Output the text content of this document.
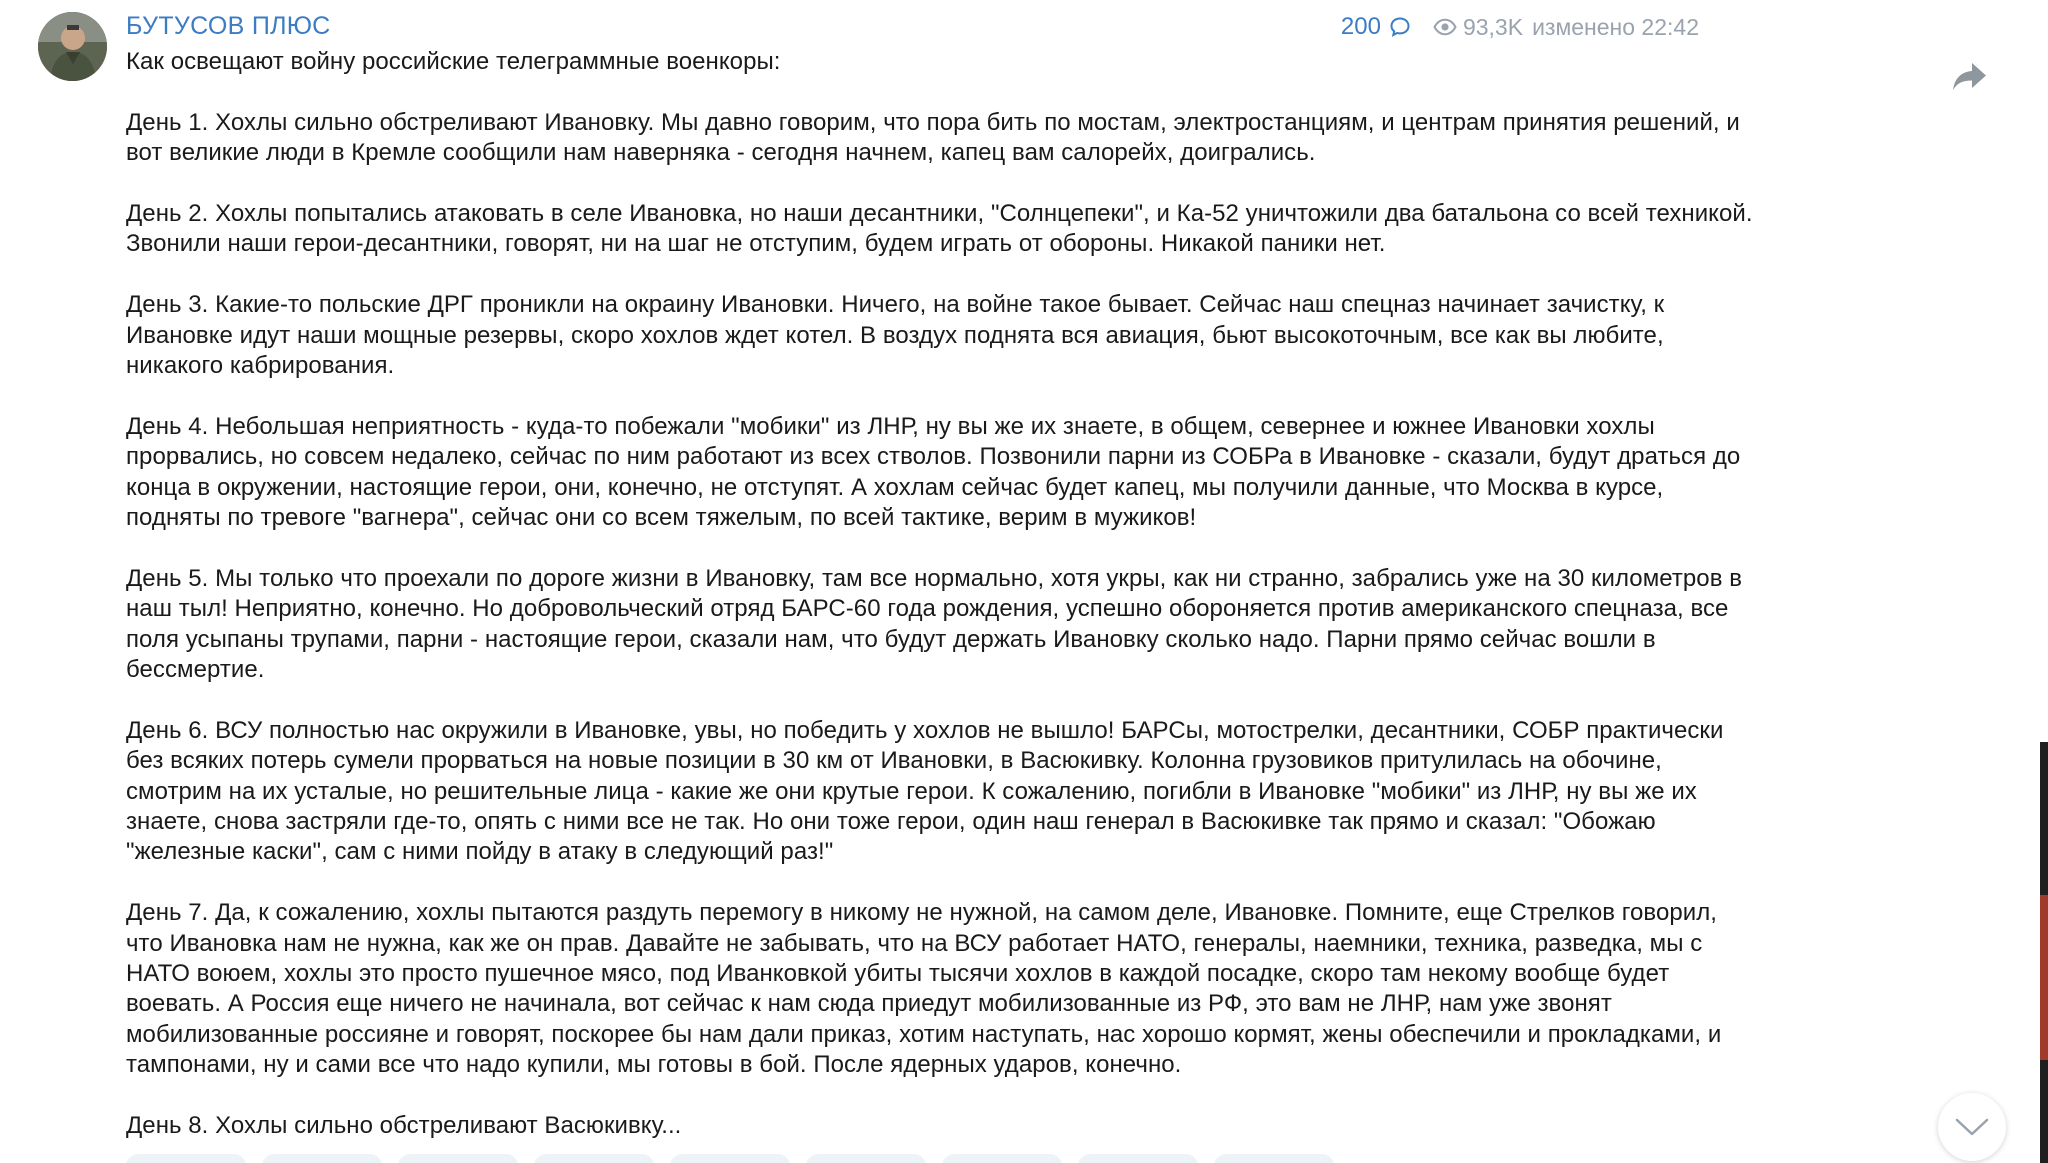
БУТУСОВ ПЛЮС	200	93,3K изменено 22:42

Как освещают войну российские телеграммные военкоры:

День 1. Хохлы сильно обстреливают Ивановку. Мы давно говорим, что пора бить по мостам, электростанциям, и центрам принятия решений, и
вот великие люди в Кремле сообщили нам наверняка - сегодня начнем, капец вам салорейх, доигрались.

День 2. Хохлы попытались атаковать в селе Ивановка, но наши десантники, "Солнцепеки", и Ка-52 уничтожили два батальона со всей техникой.
Звонили наши герои-десантники, говорят, ни на шаг не отступим, будем играть от обороны. Никакой паники нет.

День 3. Какие-то польские ДРГ проникли на окраину Ивановки. Ничего, на войне такое бывает. Сейчас наш спецназ начинает зачистку, к
Ивановке идут наши мощные резервы, скоро хохлов ждет котел. В воздух поднята вся авиация, бьют высокоточным, все как вы любите,
никакого кабрирования.

День 4. Небольшая неприятность - куда-то побежали "мобики" из ЛНР, ну вы же их знаете, в общем, севернее и южнее Ивановки хохлы
прорвались, но совсем недалеко, сейчас по ним работают из всех стволов. Позвонили парни из СОБРа в Ивановке - сказали, будут драться до
конца в окружении, настоящие герои, они, конечно, не отступят. А хохлам сейчас будет капец, мы получили данные, что Москва в курсе,
подняты по тревоге "вагнера", сейчас они со всем тяжелым, по всей тактике, верим в мужиков!

День 5. Мы только что проехали по дороге жизни в Ивановку, там все нормально, хотя укры, как ни странно, забрались уже на 30 километров в
наш тыл! Неприятно, конечно. Но добровольческий отряд БАРС-60 года рождения, успешно обороняется против американского спецназа, все
поля усыпаны трупами, парни - настоящие герои, сказали нам, что будут держать Ивановку сколько надо. Парни прямо сейчас вошли в
бессмертие.

День 6. ВСУ полностью нас окружили в Ивановке, увы, но победить у хохлов не вышло! БАРСы, мотострелки, десантники, СОБР практически
без всяких потерь сумели прорваться на новые позиции в 30 км от Ивановки, в Васюкивку. Колонна грузовиков притулилась на обочине,
смотрим на их усталые, но решительные лица - какие же они крутые герои. К сожалению, погибли в Ивановке "мобики" из ЛНР, ну вы же их
знаете, снова застряли где-то, опять с ними все не так. Но они тоже герои, один наш генерал в Васюкивке так прямо и сказал: "Обожаю
"железные каски", сам с ними пойду в атаку в следующий раз!"

День 7. Да, к сожалению, хохлы пытаются раздуть перемогу в никому не нужной, на самом деле, Ивановке. Помните, еще Стрелков говорил,
что Ивановка нам не нужна, как же он прав. Давайте не забывать, что на ВСУ работает НАТО, генералы, наемники, техника, разведка, мы с
НАТО воюем, хохлы это просто пушечное мясо, под Иванковкой убиты тысячи хохлов в каждой посадке, скоро там некому вообще будет
воевать. А Россия еще ничего не начинала, вот сейчас к нам сюда приедут мобилизованные из РФ, это вам не ЛНР, нам уже звонят
мобилизованные россияне и говорят, поскорее бы нам дали приказ, хотим наступать, нас хорошо кормят, жены обеспечили и прокладками, и
тампонами, ну и сами все что надо купили, мы готовы в бой. После ядерных ударов, конечно.

День 8. Хохлы сильно обстреливают Васюкивку...
